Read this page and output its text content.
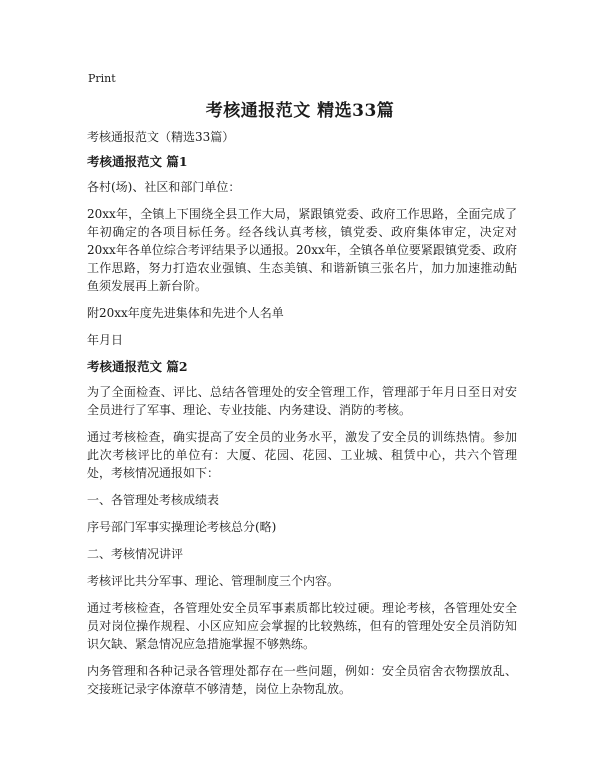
Print
考核通报范文 精选33篇

考核通报范文（精选33篇）

考核通报范文 篇1

各村(场)、社区和部门单位：

20xx年，全镇上下围绕全县工作大局，紧跟镇党委、政府工作思路，全面完成了年初确定的各项目标任务。经各线认真考核，镇党委、政府集体审定，决定对20xx年各单位综合考评结果予以通报。20xx年，全镇各单位要紧跟镇党委、政府工作思路，努力打造农业强镇、生态美镇、和谐新镇三张名片，加力加速推动鲇鱼须发展再上新台阶。

附20xx年度先进集体和先进个人名单

年月日

考核通报范文 篇2

为了全面检查、评比、总结各管理处的安全管理工作，管理部于年月日至日对安全员进行了军事、理论、专业技能、内务建设、消防的考核。

通过考核检查，确实提高了安全员的业务水平，激发了安全员的训练热情。参加此次考核评比的单位有：大厦、花园、花园、工业城、租赁中心，共六个管理处，考核情况通报如下：

一、各管理处考核成绩表

序号部门军事实操理论考核总分(略)

二、考核情况讲评

考核评比共分军事、理论、管理制度三个内容。

通过考核检查，各管理处安全员军事素质都比较过硬。理论考核，各管理处安全员对岗位操作规程、小区应知应会掌握的比较熟练，但有的管理处安全员消防知识欠缺、紧急情况应急措施掌握不够熟练。

内务管理和各种记录各管理处都存在一些问题，例如：安全员宿舍衣物摆放乱、交接班记录字体潦草不够清楚，岗位上杂物乱放。
